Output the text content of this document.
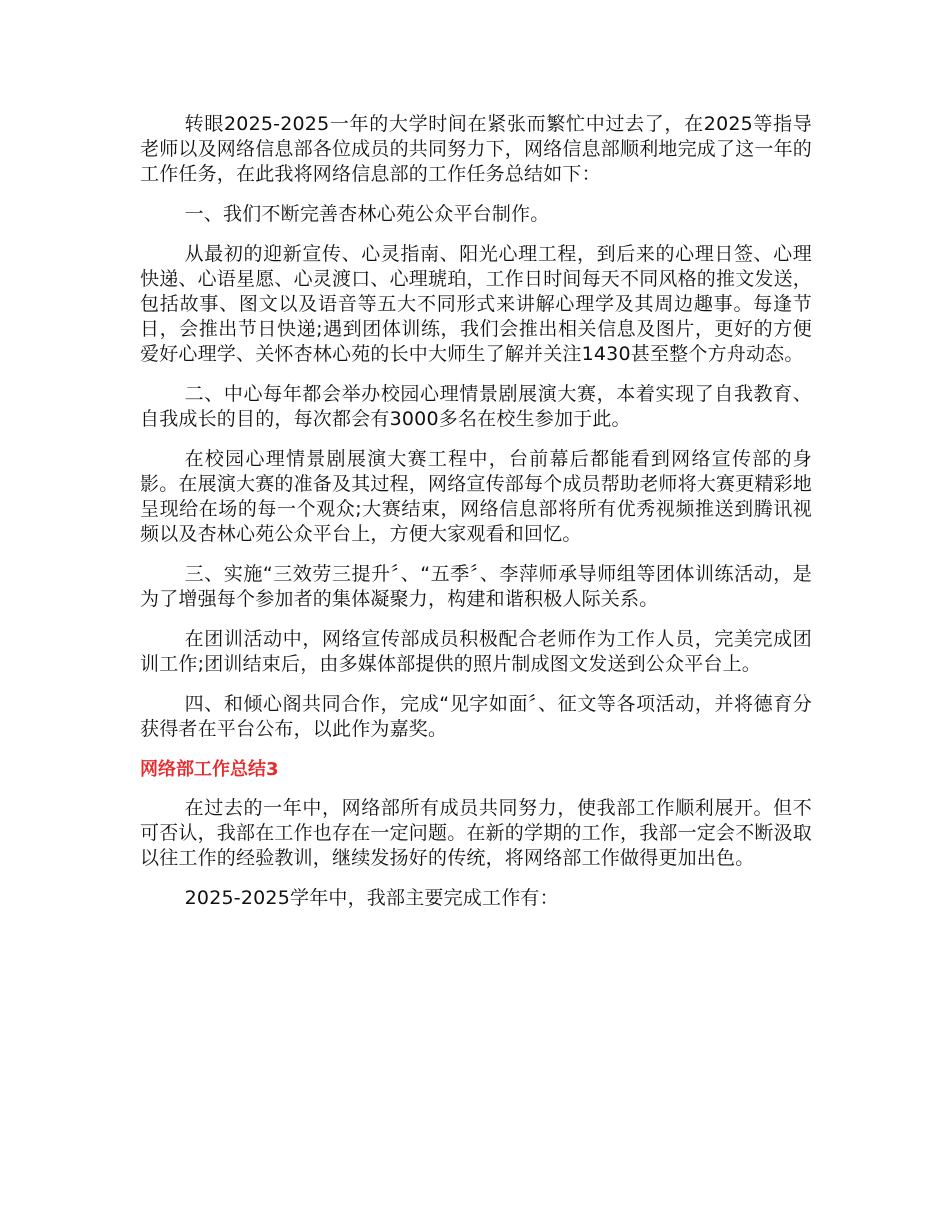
转眼2025-2025一年的大学时间在紧张而繁忙中过去了，在2025等指导老师以及网络信息部各位成员的共同努力下，网络信息部顺利地完成了这一年的工作任务，在此我将网络信息部的工作任务总结如下：

一、我们不断完善杏林心苑公众平台制作。

从最初的迎新宣传、心灵指南、阳光心理工程，到后来的心理日签、心理快递、心语星愿、心灵渡口、心理琥珀，工作日时间每天不同风格的推文发送，包括故事、图文以及语音等五大不同形式来讲解心理学及其周边趣事。每逢节日，会推出节日快递;遇到团体训练，我们会推出相关信息及图片，更好的方便爱好心理学、关怀杏林心苑的长中大师生了解并关注1430甚至整个方舟动态。

二、中心每年都会举办校园心理情景剧展演大赛，本着实现了自我教育、自我成长的目的，每次都会有3000多名在校生参加于此。

在校园心理情景剧展演大赛工程中，台前幕后都能看到网络宣传部的身影。在展演大赛的准备及其过程，网络宣传部每个成员帮助老师将大赛更精彩地呈现给在场的每一个观众;大赛结束，网络信息部将所有优秀视频推送到腾讯视频以及杏林心苑公众平台上，方便大家观看和回忆。

三、实施“三效劳三提升〞、“五季〞、李萍师承导师组等团体训练活动，是为了增强每个参加者的集体凝聚力，构建和谐积极人际关系。

在团训活动中，网络宣传部成员积极配合老师作为工作人员，完美完成团训工作;团训结束后，由多媒体部提供的照片制成图文发送到公众平台上。

四、和倾心阁共同合作，完成“见字如面〞、征文等各项活动，并将德育分获得者在平台公布，以此作为嘉奖。

网络部工作总结3

在过去的一年中，网络部所有成员共同努力，使我部工作顺利展开。但不可否认，我部在工作也存在一定问题。在新的学期的工作，我部一定会不断汲取以往工作的经验教训，继续发扬好的传统，将网络部工作做得更加出色。

2025-2025学年中，我部主要完成工作有：
